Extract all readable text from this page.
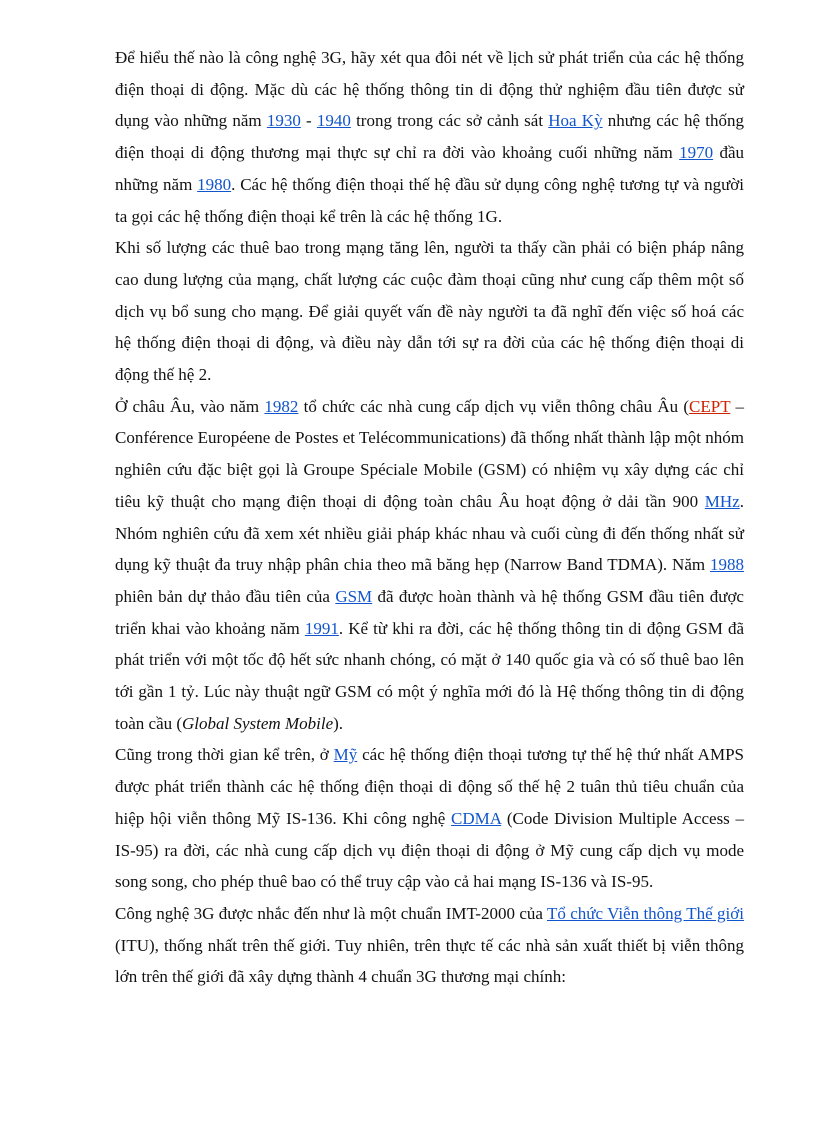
Để hiểu thế nào là công nghệ 3G, hãy xét qua đôi nét về lịch sử phát triển của các hệ thống điện thoại di động. Mặc dù các hệ thống thông tin di động thử nghiệm đầu tiên được sử dụng vào những năm 1930 - 1940 trong trong các sở cảnh sát Hoa Kỳ nhưng các hệ thống điện thoại di động thương mại thực sự chỉ ra đời vào khoảng cuối những năm 1970 đầu những năm 1980. Các hệ thống điện thoại thế hệ đầu sử dụng công nghệ tương tự và người ta gọi các hệ thống điện thoại kể trên là các hệ thống 1G.

Khi số lượng các thuê bao trong mạng tăng lên, người ta thấy cần phải có biện pháp nâng cao dung lượng của mạng, chất lượng các cuộc đàm thoại cũng như cung cấp thêm một số dịch vụ bổ sung cho mạng. Để giải quyết vấn đề này người ta đã nghĩ đến việc số hoá các hệ thống điện thoại di động, và điều này dẫn tới sự ra đời của các hệ thống điện thoại di động thế hệ 2.

Ở châu Âu, vào năm 1982 tổ chức các nhà cung cấp dịch vụ viễn thông châu Âu (CEPT – Conférence Européene de Postes et Telécommunications) đã thống nhất thành lập một nhóm nghiên cứu đặc biệt gọi là Groupe Spéciale Mobile (GSM) có nhiệm vụ xây dựng các chỉ tiêu kỹ thuật cho mạng điện thoại di động toàn châu Âu hoạt động ở dải tần 900 MHz. Nhóm nghiên cứu đã xem xét nhiều giải pháp khác nhau và cuối cùng đi đến thống nhất sử dụng kỹ thuật đa truy nhập phân chia theo mã băng hẹp (Narrow Band TDMA). Năm 1988 phiên bản dự thảo đầu tiên của GSM đã được hoàn thành và hệ thống GSM đầu tiên được triển khai vào khoảng năm 1991. Kể từ khi ra đời, các hệ thống thông tin di động GSM đã phát triển với một tốc độ hết sức nhanh chóng, có mặt ở 140 quốc gia và có số thuê bao lên tới gần 1 tỷ. Lúc này thuật ngữ GSM có một ý nghĩa mới đó là Hệ thống thông tin di động toàn cầu (Global System Mobile).

Cũng trong thời gian kể trên, ở Mỹ các hệ thống điện thoại tương tự thế hệ thứ nhất AMPS được phát triển thành các hệ thống điện thoại di động số thế hệ 2 tuân thủ tiêu chuẩn của hiệp hội viễn thông Mỹ IS-136. Khi công nghệ CDMA (Code Division Multiple Access – IS-95) ra đời, các nhà cung cấp dịch vụ điện thoại di động ở Mỹ cung cấp dịch vụ mode song song, cho phép thuê bao có thể truy cập vào cả hai mạng IS-136 và IS-95.

Công nghệ 3G được nhắc đến như là một chuẩn IMT-2000 của Tổ chức Viễn thông Thế giới (ITU), thống nhất trên thế giới. Tuy nhiên, trên thực tế các nhà sản xuất thiết bị viễn thông lớn trên thế giới đã xây dựng thành 4 chuẩn 3G thương mại chính:
